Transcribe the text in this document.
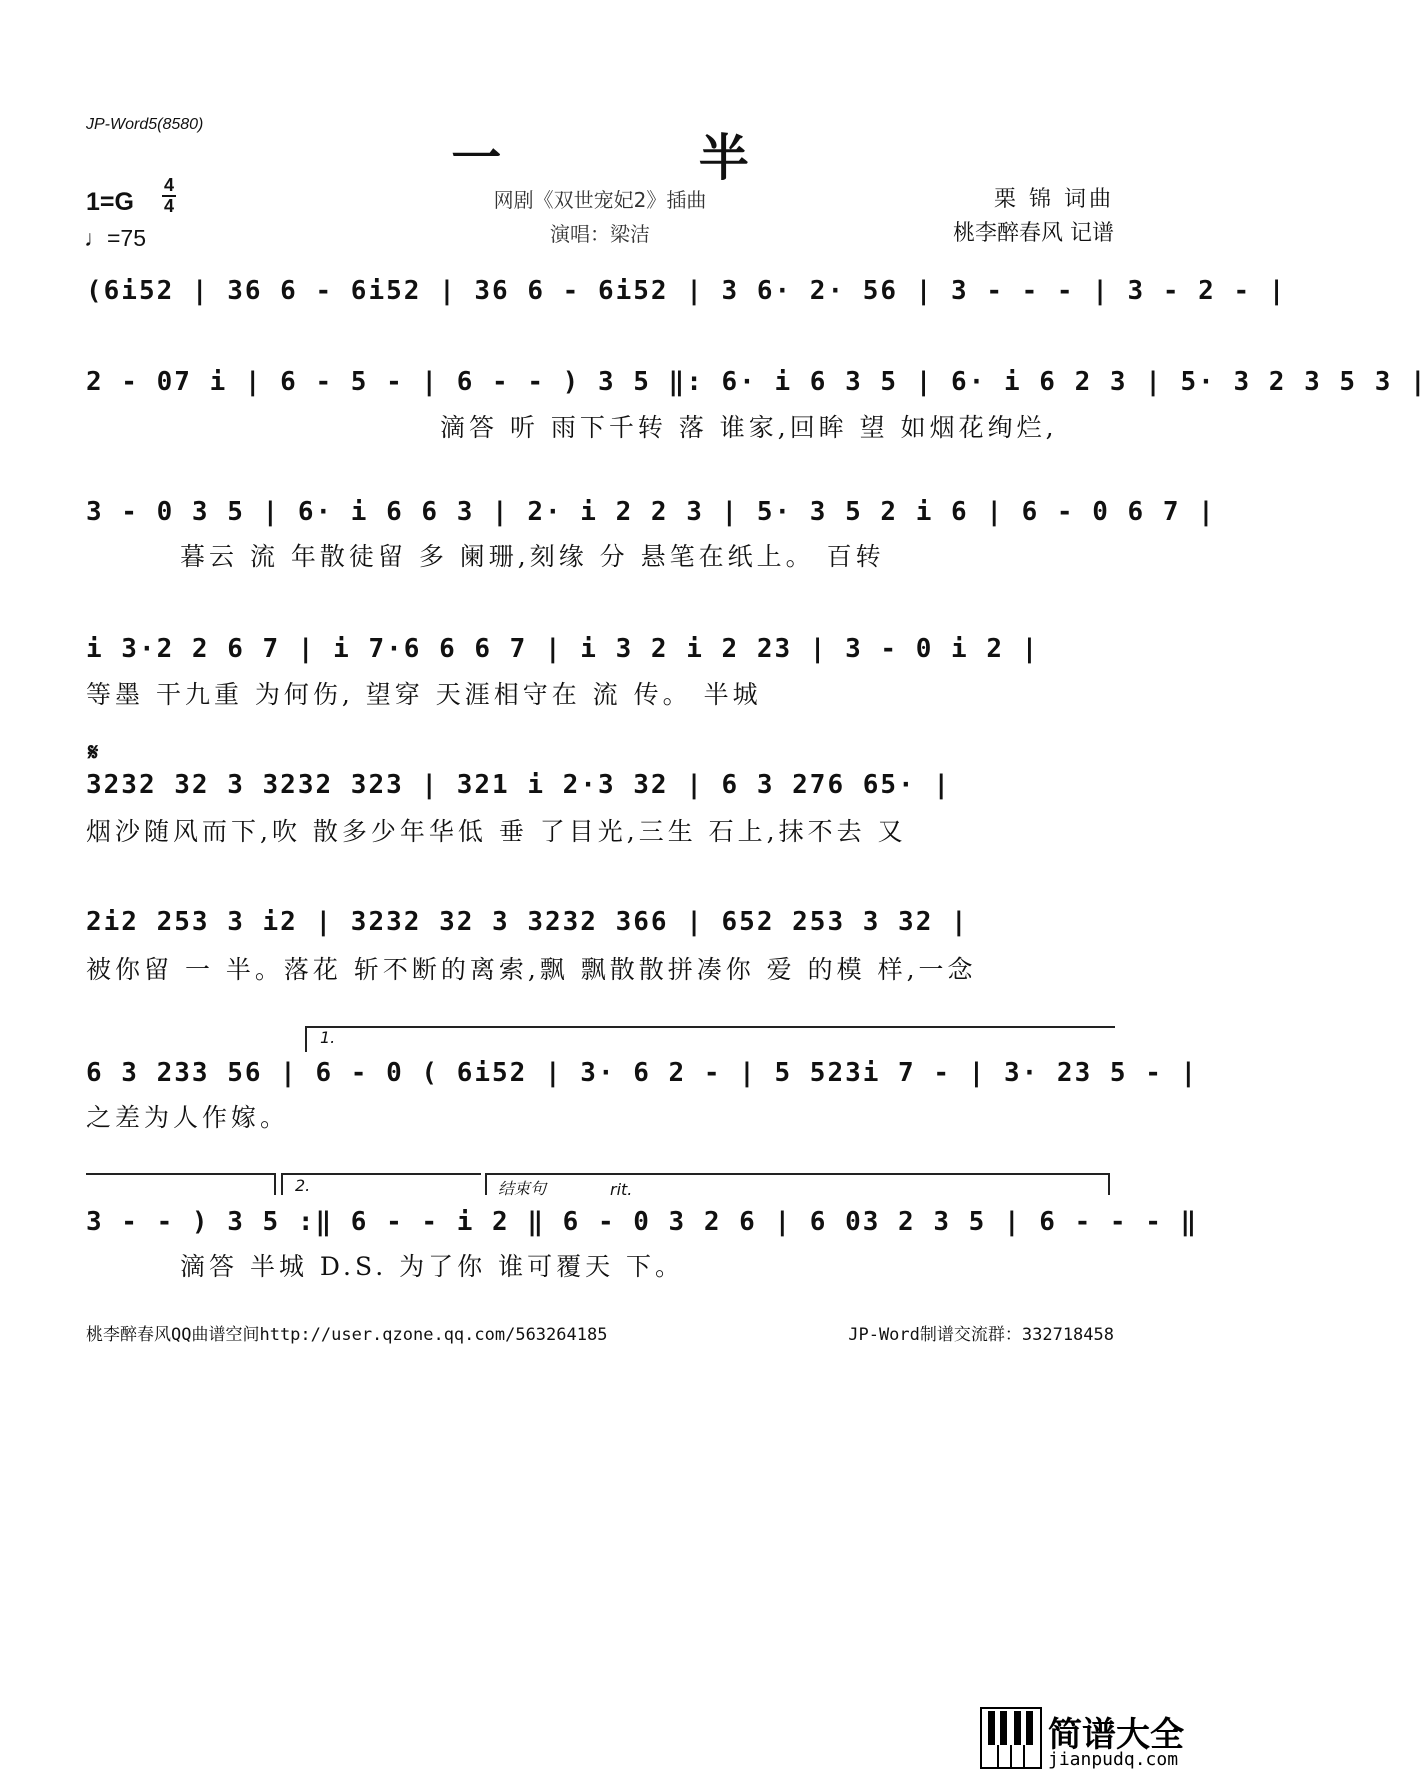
JP-Word5(8580)
一 半
网剧《双世宠妃2》插曲
演唱：梁洁
1=G
4
4
♩=75
栗 锦 词曲
桃李醉春风 记谱
(6i52 | 36 6 - 6i52 | 36 6 - 6i52 | 3 6· 2· 56 | 3 - - - | 3 - 2 - |
2 - 07 i | 6 - 5 - | 6 - - ) 3 5 ‖: 6· i 6 3 5 | 6· i 6 2 3 | 5· 3 2 3 5 3 |
滴答 听 雨下千转 落 谁家,回眸 望 如烟花绚烂,
3 - 0 3 5 | 6· i 6 6 3 | 2· i 2 2 3 | 5· 3 5 2 i 6 | 6 - 0 6 7 |
暮云 流 年散徒留 多 阑珊,刻缘 分 悬笔在纸上。 百转
i 3·2 2 6 7 | i 7·6 6 6 7 | i 3 2 i 2 23 | 3 - 0 i 2 |
等墨 干九重 为何伤, 望穿 天涯相守在 流 传。 半城
𝄋
3232 32 3 3232 323 | 321 i 2·3 32 | 6 3 276 65· |
烟沙随风而下,吹 散多少年华低 垂 了目光,三生 石上,抹不去 又
2i2 253 3 i2 | 3232 32 3 3232 366 | 652 253 3 32 |
被你留 一 半。落花 斩不断的离索,飘 飘散散拼凑你 爱 的模 样,一念
1.
6 3 233 56 | 6 - 0 ( 6i52 | 3· 6 2 - | 5 523i 7 - | 3· 23 5 - |
之差为人作嫁。
2.	结束句	rit.
3 - - ) 3 5 :‖ 6 - - i 2 ‖ 6 - 0 3 2 6 | 6 03 2 3 5 | 6 - - - ‖
滴答 半城 D.S. 为了你 谁可覆天 下。
桃李醉春风QQ曲谱空间http://user.qzone.qq.com/563264185	JP-Word制谱交流群：332718458
简谱大全
jianpudq.com
